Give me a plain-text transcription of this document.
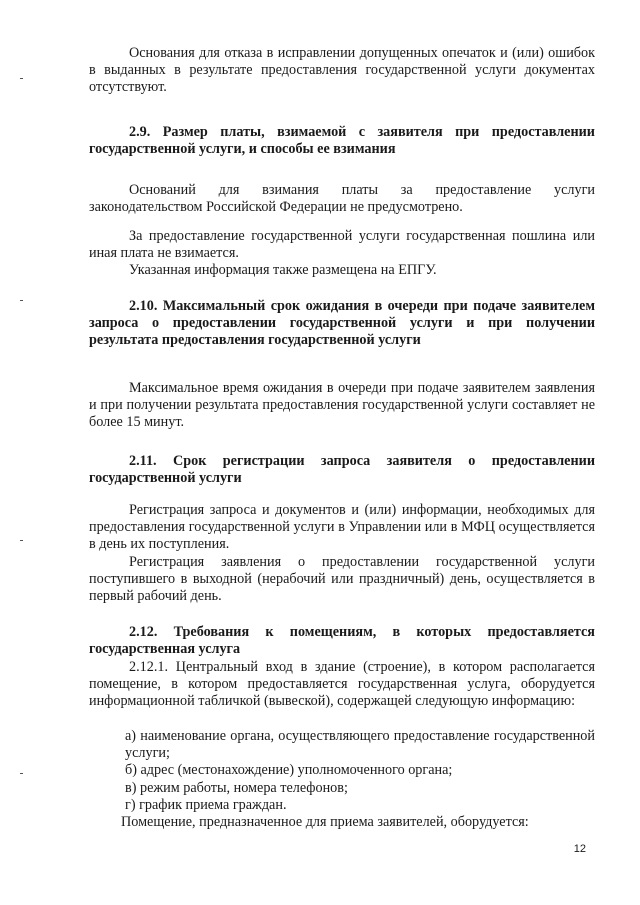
Основания для отказа в исправлении допущенных опечаток и (или) ошибок в выданных в результате предоставления государственной услуги документах отсутствуют.

2.9. Размер платы, взимаемой с заявителя при предоставлении государственной услуги, и способы ее взимания

Оснований для взимания платы за предоставление услуги законодательством Российской Федерации не предусмотрено.

За предоставление государственной услуги государственная пошлина или иная плата не взимается.

Указанная информация также размещена на ЕПГУ.

2.10. Максимальный срок ожидания в очереди при подаче заявителем запроса о предоставлении государственной услуги и при получении результата предоставления государственной услуги

Максимальное время ожидания в очереди при подаче заявителем заявления и при получении результата предоставления государственной услуги составляет не более 15 минут.

2.11. Срок регистрации запроса заявителя о предоставлении государственной услуги

Регистрация запроса и документов и (или) информации, необходимых для предоставления государственной услуги в Управлении или в МФЦ осуществляется в день их поступления.

Регистрация заявления о предоставлении государственной услуги поступившего в выходной (нерабочий или праздничный) день, осуществляется в первый рабочий день.

2.12. Требования к помещениям, в которых предоставляется государственная услуга

2.12.1. Центральный вход в здание (строение), в котором располагается помещение, в котором предоставляется государственная услуга, оборудуется информационной табличкой (вывеской), содержащей следующую информацию:

а) наименование органа, осуществляющего предоставление государственной услуги;

б) адрес (местонахождение) уполномоченного органа;

в) режим работы, номера телефонов;

г) график приема граждан.

Помещение, предназначенное для приема заявителей, оборудуется:

12
